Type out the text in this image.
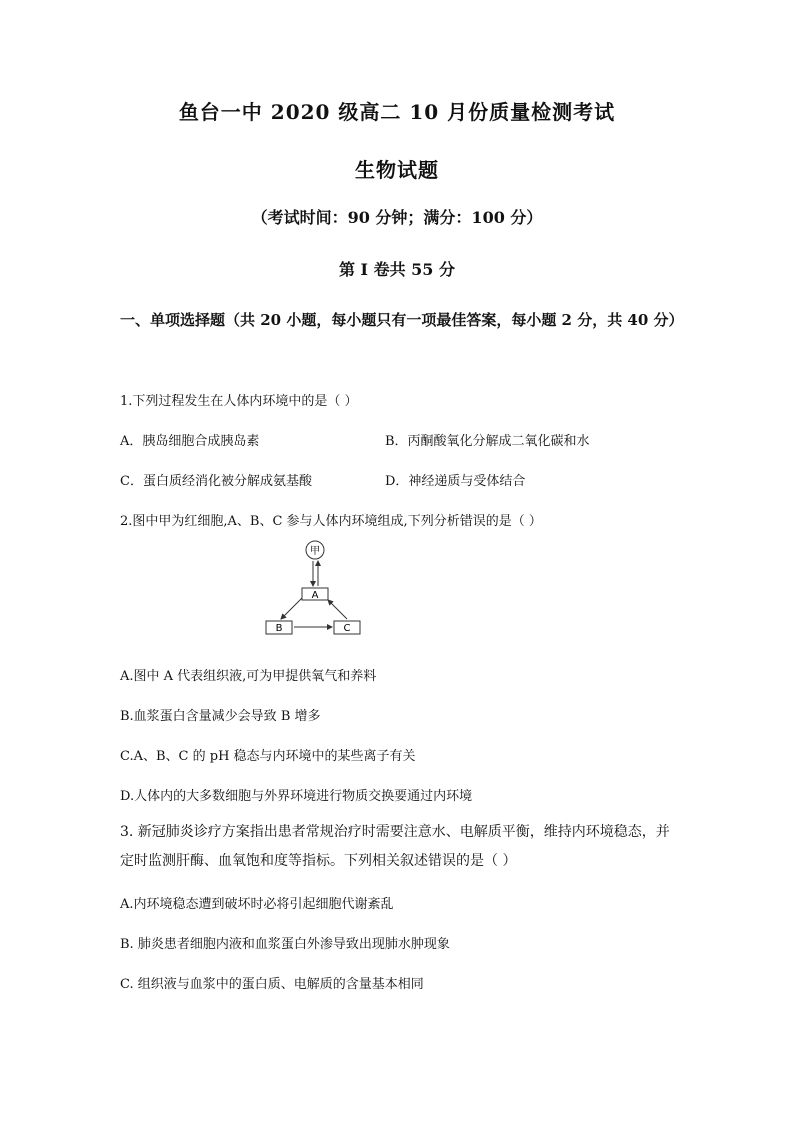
鱼台一中 2020 级高二 10 月份质量检测考试
生物试题
（考试时间：90 分钟；满分：100 分）
第 I 卷共 55 分
一、单项选择题（共 20 小题，每小题只有一项最佳答案，每小题 2 分，共 40 分）
1.下列过程发生在人体内环境中的是（ ）
A．胰岛细胞合成胰岛素	B．丙酮酸氧化分解成二氧化碳和水
C．蛋白质经消化被分解成氨基酸	D．神经递质与受体结合
2.图中甲为红细胞,A、B、C 参与人体内环境组成,下列分析错误的是（ ）
甲
A
B	C
A.图中 A 代表组织液,可为甲提供氧气和养料
B.血浆蛋白含量减少会导致 B 增多
C.A、B、C 的 pH 稳态与内环境中的某些离子有关
D.人体内的大多数细胞与外界环境进行物质交换要通过内环境
3. 新冠肺炎诊疗方案指出患者常规治疗时需要注意水、电解质平衡，维持内环境稳态，并定时监测肝酶、血氧饱和度等指标。下列相关叙述错误的是（ ）
A.内环境稳态遭到破坏时必将引起细胞代谢紊乱
B. 肺炎患者细胞内液和血浆蛋白外渗导致出现肺水肿现象
C. 组织液与血浆中的蛋白质、电解质的含量基本相同
